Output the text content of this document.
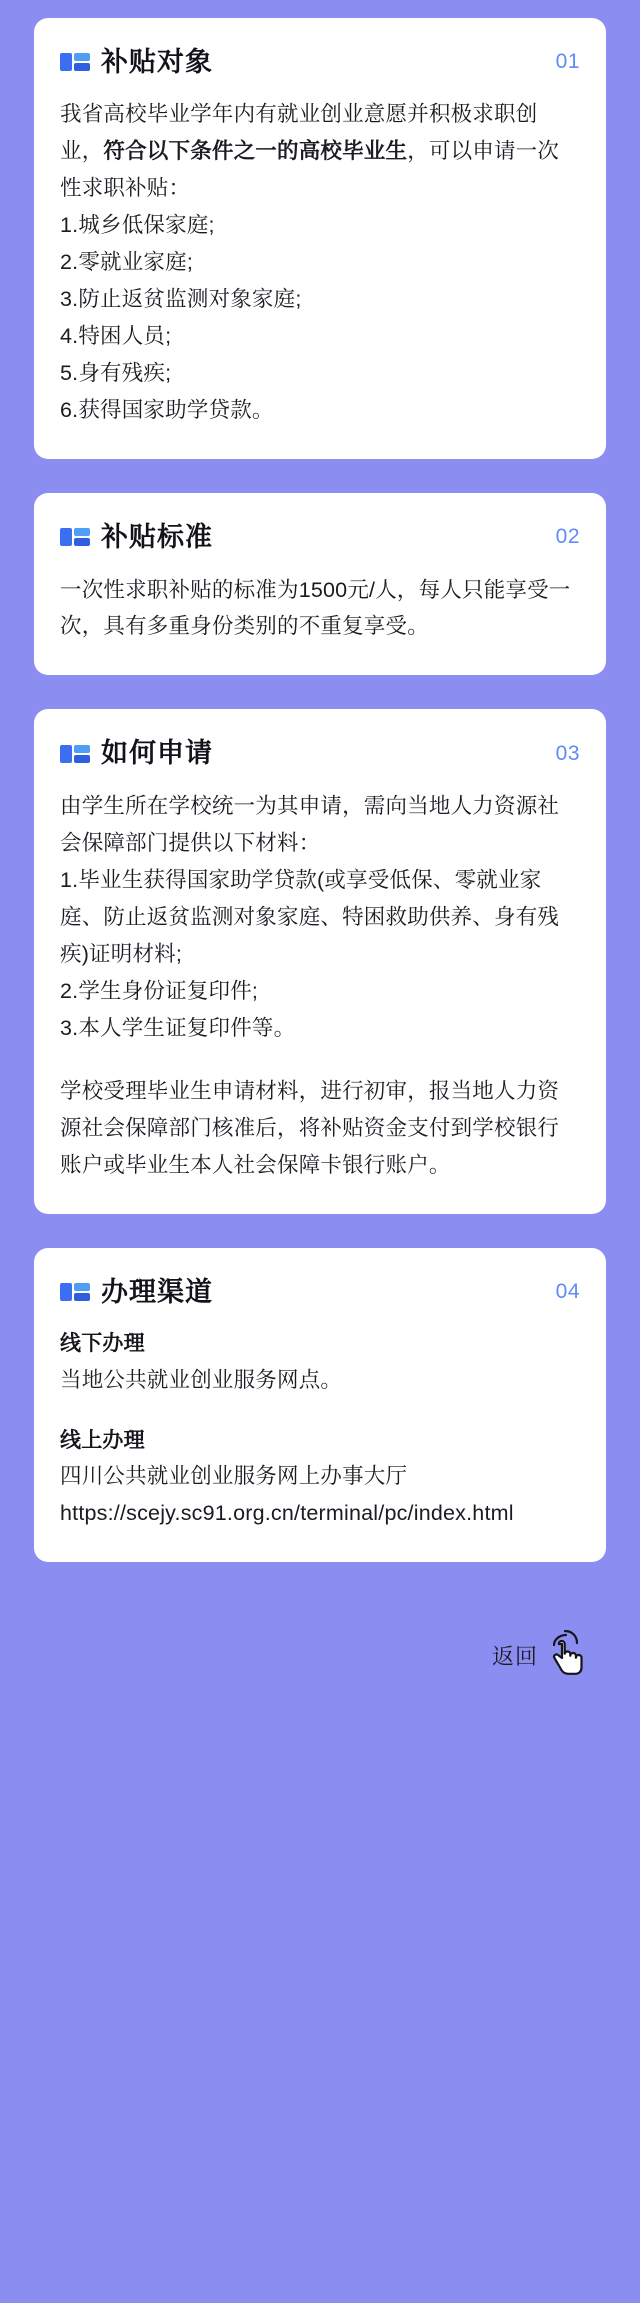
补贴对象	01

我省高校毕业学年内有就业创业意愿并积极求职创业，符合以下条件之一的高校毕业生，可以申请一次性求职补贴：

1.城乡低保家庭;

2.零就业家庭;

3.防止返贫监测对象家庭;

4.特困人员;

5.身有残疾;

6.获得国家助学贷款。

补贴标准	02

一次性求职补贴的标准为1500元/人，每人只能享受一次，具有多重身份类别的不重复享受。

如何申请	03

由学生所在学校统一为其申请，需向当地人力资源社会保障部门提供以下材料：

1.毕业生获得国家助学贷款(或享受低保、零就业家庭、防止返贫监测对象家庭、特困救助供养、身有残疾)证明材料;

2.学生身份证复印件;

3.本人学生证复印件等。

学校受理毕业生申请材料，进行初审，报当地人力资源社会保障部门核准后，将补贴资金支付到学校银行账户或毕业生本人社会保障卡银行账户。

办理渠道	04
线下办理

当地公共就业创业服务网点。

线上办理

四川公共就业创业服务网上办事大厅

https://scejy.sc91.org.cn/terminal/pc/index.html

返回
